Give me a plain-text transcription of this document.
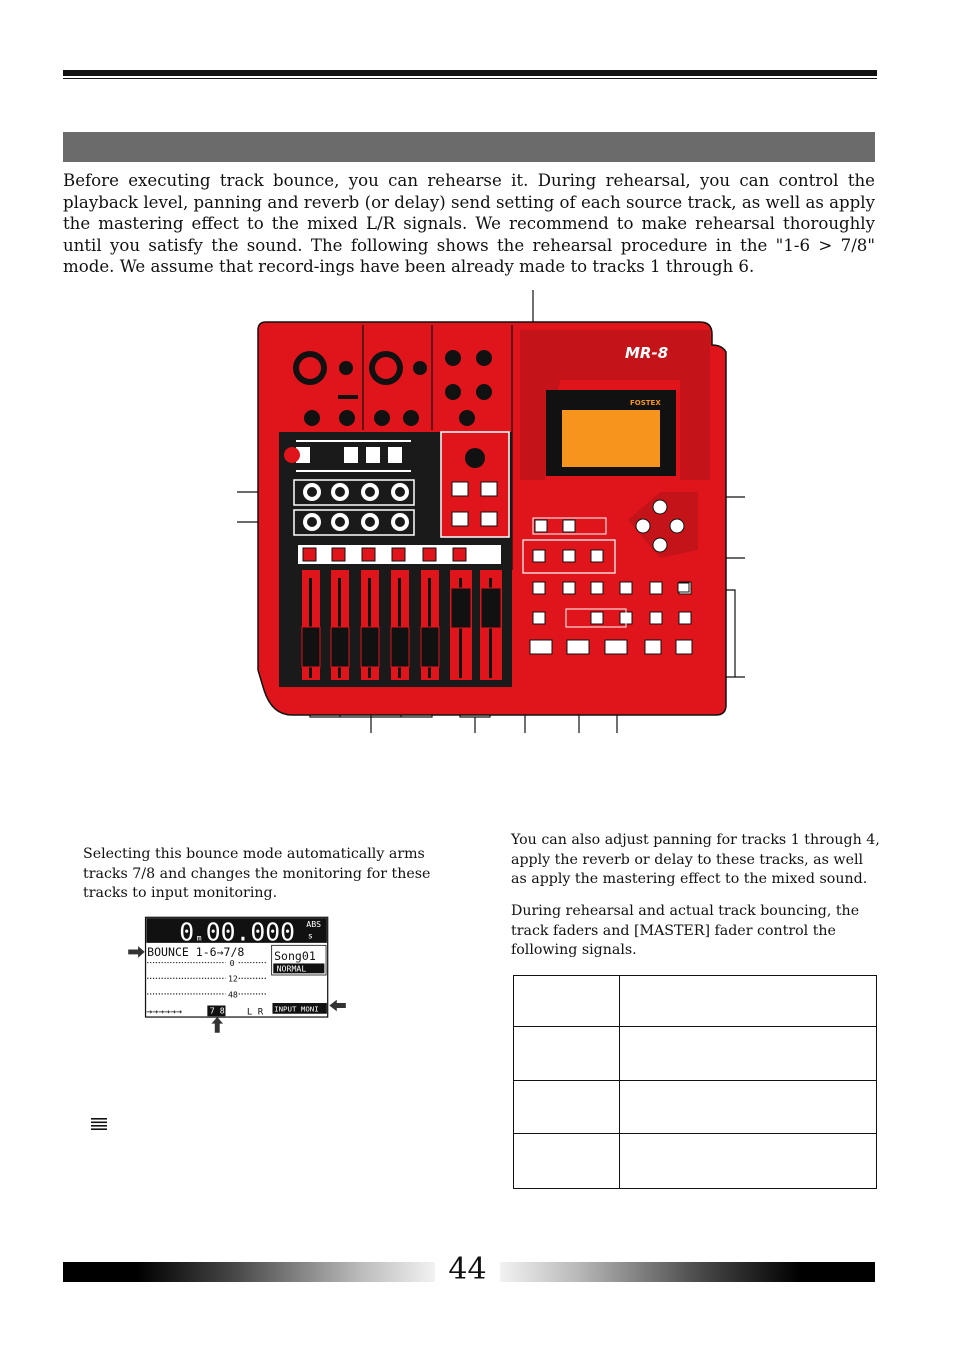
Before executing track bounce, you can rehearse it. During rehearsal, you can control the playback level, panning and reverb (or delay) send setting of each source track, as well as apply the mastering effect to the mixed L/R signals. We recommend to make rehearsal thoroughly until you satisfy the sound. The following shows the rehearsal procedure in the "1-6 > 7/8" mode. We assume that record-ings have been already made to tracks 1 through 6.
MR-8
FOSTEX
Selecting this bounce mode automatically arms tracks 7/8 and changes the monitoring for these tracks to input monitoring.
You can also adjust panning for tracks 1 through 4, apply the reverb or delay to these tracks, as well as apply the mastering effect to the mixed sound.
During rehearsal and actual track bouncing, the track faders and [MASTER] fader control the following signals.
0 m 00.000 ABS
s
BOUNCE 1-6→7/8 Song01
NORMAL
0
12
48
→→→→→→	7 8 L R INPUT MONI
44
